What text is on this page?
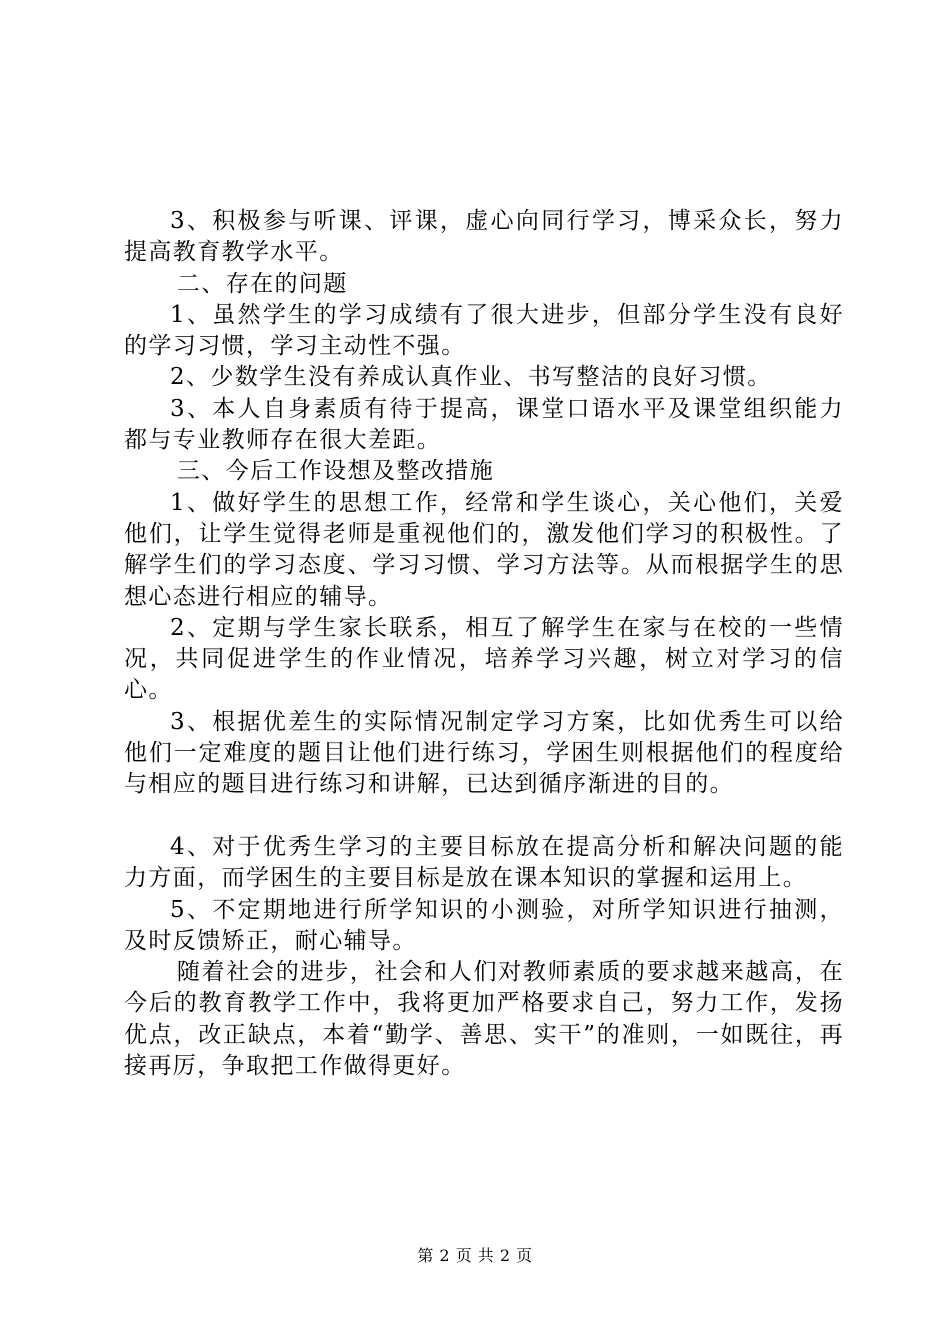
3、积极参与听课、评课，虚心向同行学习，博采众长，努力提高教育教学水平。

二、存在的问题

1、虽然学生的学习成绩有了很大进步，但部分学生没有良好的学习习惯，学习主动性不强。

2、少数学生没有养成认真作业、书写整洁的良好习惯。

3、本人自身素质有待于提高，课堂口语水平及课堂组织能力都与专业教师存在很大差距。

三、今后工作设想及整改措施

1、做好学生的思想工作，经常和学生谈心，关心他们，关爱他们，让学生觉得老师是重视他们的，激发他们学习的积极性。了解学生们的学习态度、学习习惯、学习方法等。从而根据学生的思想心态进行相应的辅导。

2、定期与学生家长联系，相互了解学生在家与在校的一些情况，共同促进学生的作业情况，培养学习兴趣，树立对学习的信心。

3、根据优差生的实际情况制定学习方案，比如优秀生可以给他们一定难度的题目让他们进行练习，学困生则根据他们的程度给与相应的题目进行练习和讲解，已达到循序渐进的目的。

4、对于优秀生学习的主要目标放在提高分析和解决问题的能力方面，而学困生的主要目标是放在课本知识的掌握和运用上。

5、不定期地进行所学知识的小测验，对所学知识进行抽测，及时反馈矫正，耐心辅导。

随着社会的进步，社会和人们对教师素质的要求越来越高，在今后的教育教学工作中，我将更加严格要求自己，努力工作，发扬优点，改正缺点，本着“勤学、善思、实干”的准则，一如既往，再接再厉，争取把工作做得更好。

第 2 页 共 2 页
